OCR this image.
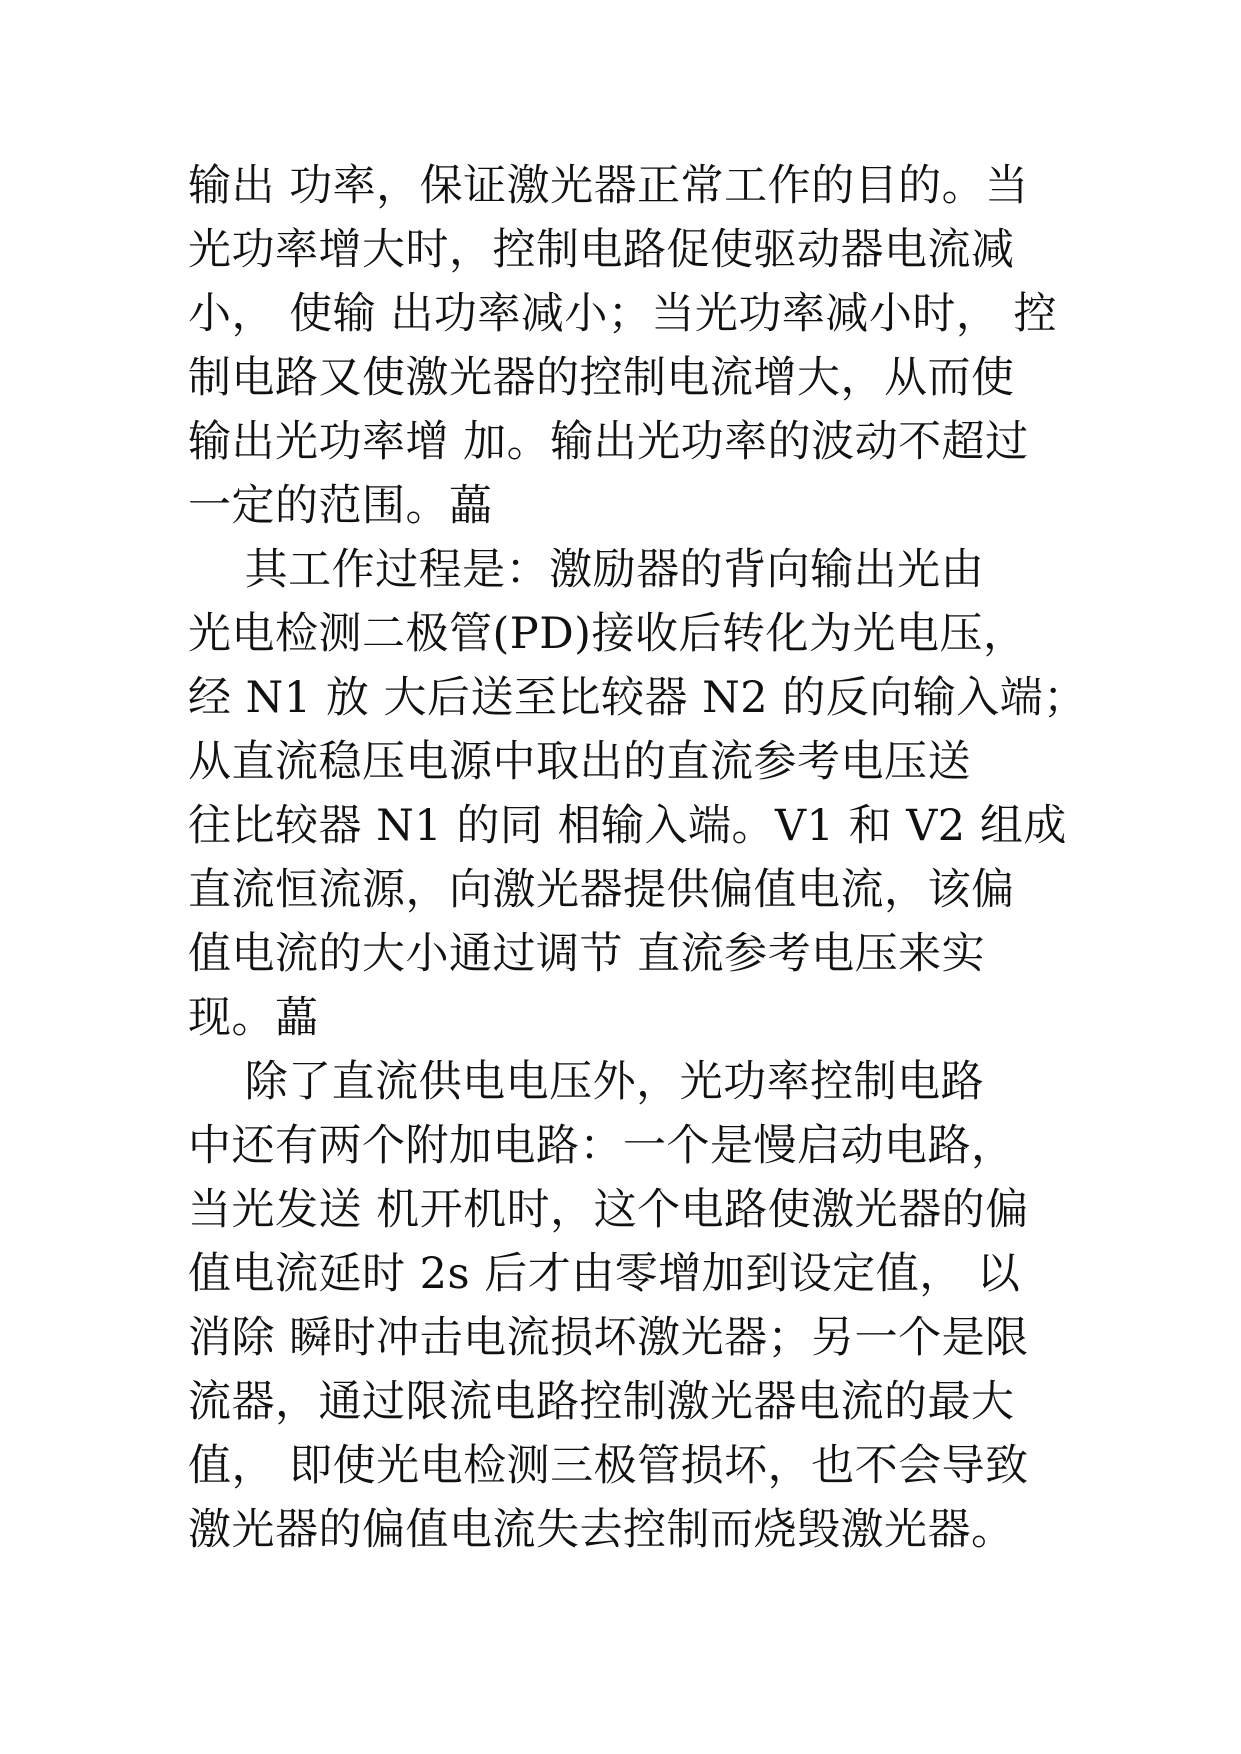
输出 功率，保证激光器正常工作的目的。当
光功率增大时，控制电路促使驱动器电流减
小， 使输 出功率减小；当光功率减小时， 控
制电路又使激光器的控制电流增大，从而使
输出光功率增 加。输出光功率的波动不超过
一定的范围。藟
其工作过程是：激励器的背向输出光由
光电检测二极管(PD)接收后转化为光电压，
经 N1 放 大后送至比较器 N2 的反向输入端；
从直流稳压电源中取出的直流参考电压送
往比较器 N1 的同 相输入端。V1 和 V2 组成
直流恒流源，向激光器提供偏值电流，该偏
值电流的大小通过调节 直流参考电压来实
现。藟
除了直流供电电压外，光功率控制电路
中还有两个附加电路：一个是慢启动电路，
当光发送 机开机时，这个电路使激光器的偏
值电流延时 2s 后才由零增加到设定值， 以
消除 瞬时冲击电流损坏激光器；另一个是限
流器，通过限流电路控制激光器电流的最大
值， 即使光电检测三极管损坏，也不会导致
激光器的偏值电流失去控制而烧毁激光器。
